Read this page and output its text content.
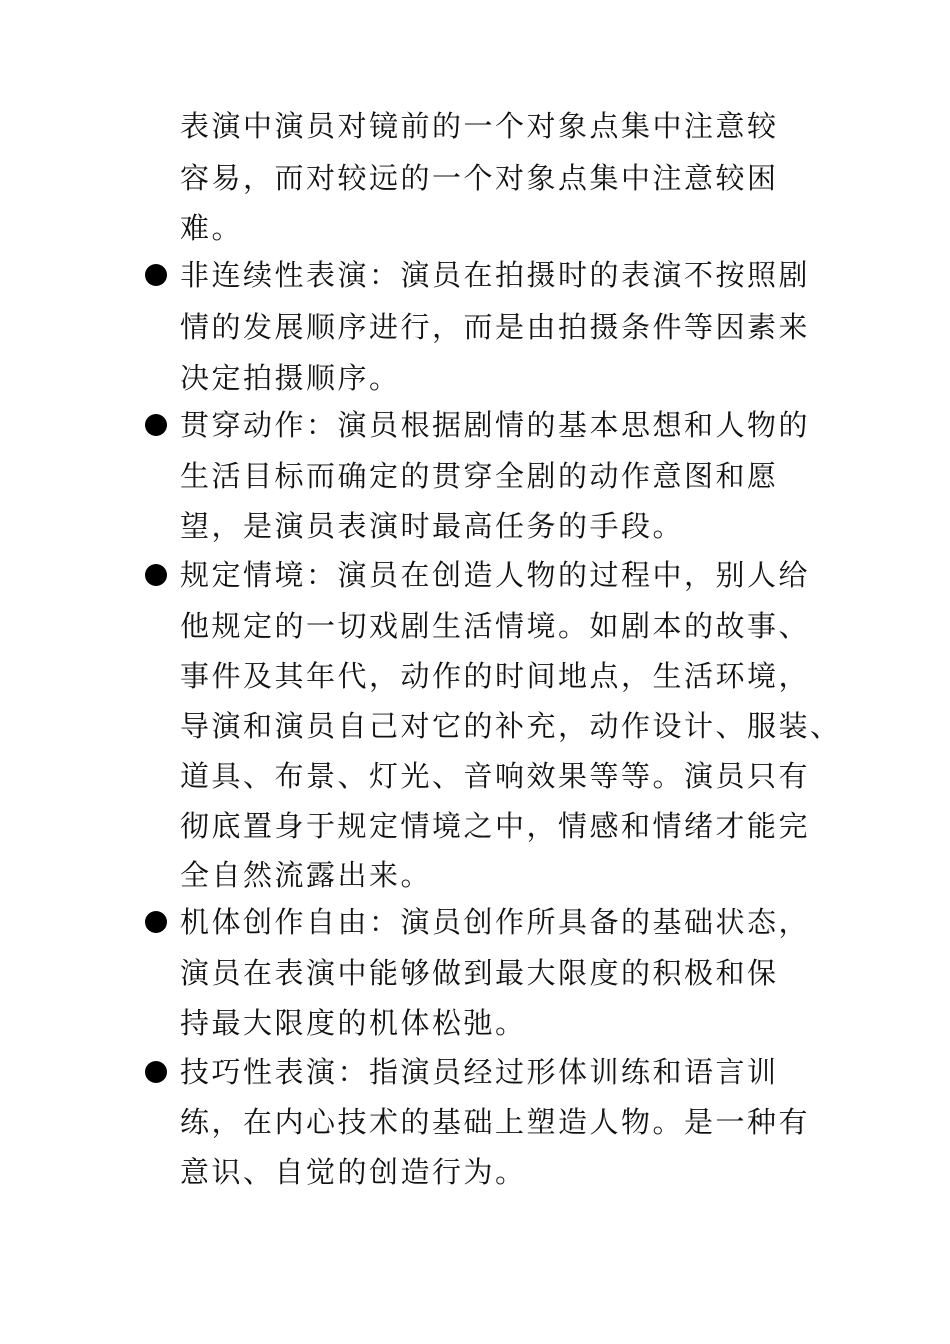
表演中演员对镜前的一个对象点集中注意较
容易，而对较远的一个对象点集中注意较困
难。
非连续性表演：演员在拍摄时的表演不按照剧
情的发展顺序进行，而是由拍摄条件等因素来
决定拍摄顺序。
贯穿动作：演员根据剧情的基本思想和人物的
生活目标而确定的贯穿全剧的动作意图和愿
望，是演员表演时最高任务的手段。
规定情境：演员在创造人物的过程中，别人给
他规定的一切戏剧生活情境。如剧本的故事、
事件及其年代，动作的时间地点，生活环境，
导演和演员自己对它的补充，动作设计、服装、
道具、布景、灯光、音响效果等等。演员只有
彻底置身于规定情境之中，情感和情绪才能完
全自然流露出来。
机体创作自由：演员创作所具备的基础状态，
演员在表演中能够做到最大限度的积极和保
持最大限度的机体松弛。
技巧性表演：指演员经过形体训练和语言训
练，在内心技术的基础上塑造人物。是一种有
意识、自觉的创造行为。
